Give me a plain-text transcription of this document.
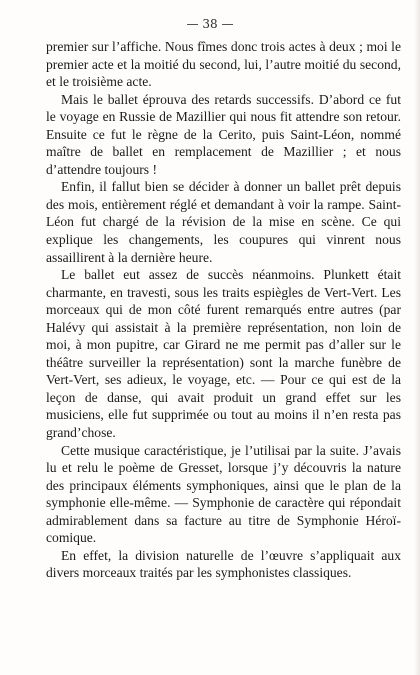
— 38 —

premier sur l’affiche. Nous fîmes donc trois actes à deux ; moi le premier acte et la moitié du second, lui, l’autre moitié du second, et le troisième acte.

Mais le ballet éprouva des retards successifs. D’abord ce fut le voyage en Russie de Mazillier qui nous fit attendre son retour. Ensuite ce fut le règne de la Cerito, puis Saint-Léon, nommé maître de ballet en remplacement de Mazillier ; et nous d’attendre toujours !

Enfin, il fallut bien se décider à donner un ballet prêt depuis des mois, entièrement réglé et demandant à voir la rampe. Saint-Léon fut chargé de la révision de la mise en scène. Ce qui explique les changements, les coupures qui vinrent nous assaillirent à la dernière heure.

Le ballet eut assez de succès néanmoins. Plunkett était charmante, en travesti, sous les traits espiègles de Vert-Vert. Les morceaux qui de mon côté furent remarqués entre autres (par Halévy qui assistait à la première représentation, non loin de moi, à mon pupitre, car Girard ne me permit pas d’aller sur le théâtre surveiller la représentation) sont la marche funèbre de Vert-Vert, ses adieux, le voyage, etc. — Pour ce qui est de la leçon de danse, qui avait produit un grand effet sur les musiciens, elle fut supprimée ou tout au moins il n’en resta pas grand’chose.

Cette musique caractéristique, je l’utilisai par la suite. J’avais lu et relu le poème de Gresset, lorsque j’y découvris la nature des principaux éléments symphoniques, ainsi que le plan de la symphonie elle-même. — Symphonie de caractère qui répondait admirablement dans sa facture au titre de Symphonie Héroï-comique.

En effet, la division naturelle de l’œuvre s’appliquait aux divers morceaux traités par les symphonistes classiques.
